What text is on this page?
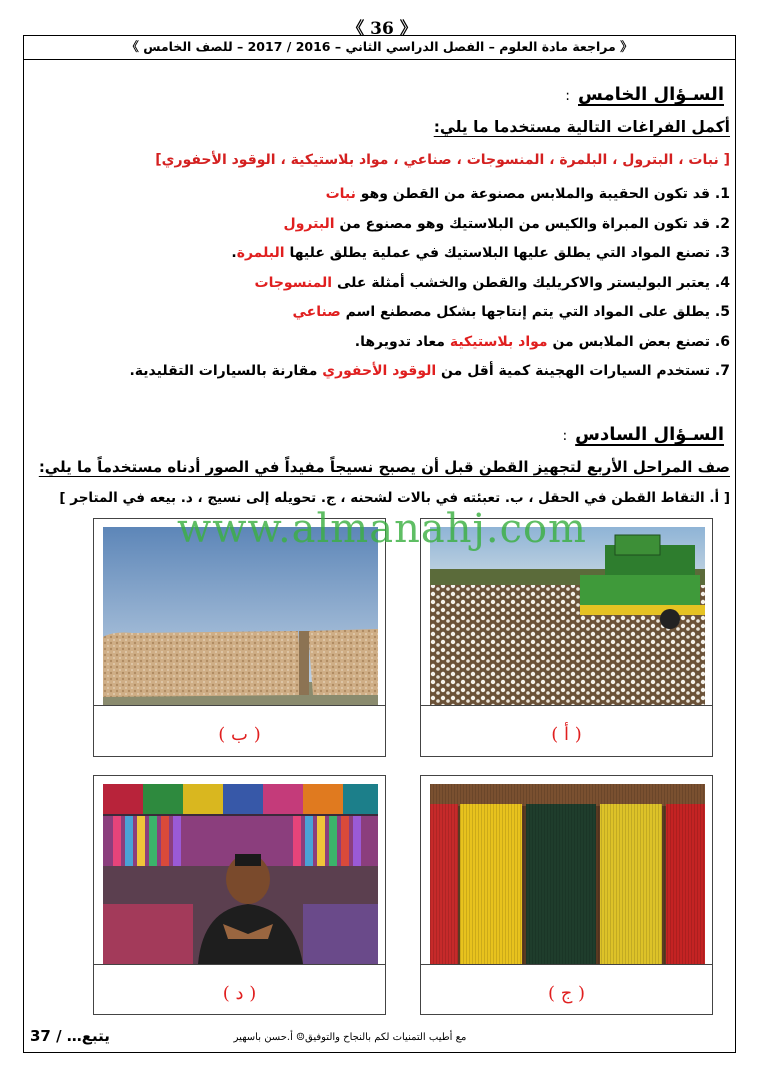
《 36 》
《 مراجعة مادة العلوم – الفصل الدراسي الثاني – 2016 / 2017 – للصف الخامس 》
السـؤال الخامس:
أكمل الفراغات التالية مستخدما ما يلي:
[ نبات ، البترول ، البلمرة ، المنسوجات ، صناعي ، مواد بلاستيكية ، الوقود الأحفوري]
1. قد تكون الحقيبة والملابس مصنوعة من القطن وهو نبات
2. قد تكون المبراة والكيس من البلاستيك وهو مصنوع من البترول
3. تصنع المواد التي يطلق عليها البلاستيك في عملية يطلق عليها البلمرة.
4. يعتبر البوليستر والاكريليك والقطن والخشب أمثلة على المنسوجات
5. يطلق على المواد التي يتم إنتاجها بشكل مصطنع اسم صناعي
6. تصنع بعض الملابس من مواد بلاستيكية معاد تدويرها.
7. تستخدم السيارات الهجينة كمية أقل من الوقود الأحفوري مقارنة بالسيارات التقليدية.
السـؤال السادس:
صف المراحل الأربع لتجهيز القطن قبل أن يصبح نسيجاً مفيداً في الصور أدناه مستخدماً ما يلي:
[ أ. التقاط القطن في الحقل ، ب. تعبئته في بالات لشحنه ، ج. تحويله إلى نسيج ، د. بيعه في المتاجر ]
( أ )
( ب )
( ج )
( د )
www.almanahj.com
يتبع… / 37	مع أطيب التمنيات لكم بالنجاح والتوفيق☺ أ.حسن باسهير
